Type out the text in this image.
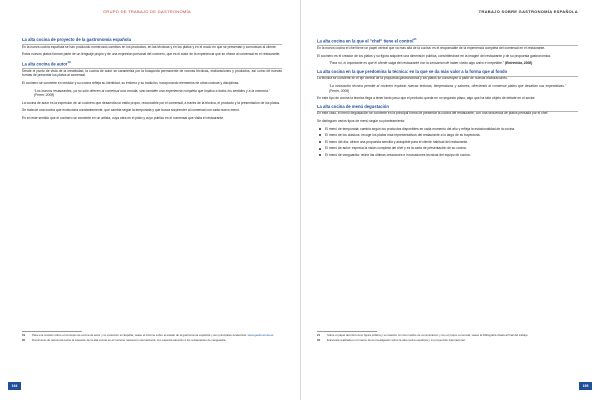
GRUPO DE TRABAJO DE GASTRONOMÍA
La alta cocina de proyecto de la gastronomía española

En la nueva cocina española se han producido numerosos cambios en los productos, en las técnicas y en los platos y en el modo en que se presentan y comunican al cliente.

Estos nuevos platos forman parte de un lenguaje propio y de una expresión personal del cocinero, que es el autor de la experiencia que se ofrece al comensal en el restaurante.

La alta cocina de autor$^{19}$

Desde el punto de vista de la creatividad, la cocina de autor se caracteriza por la búsqueda permanente de nuevas técnicas, elaboraciones y productos, así como de nuevas formas de presentar los platos al comensal.

El cocinero se convierte en creador y su cocina refleja su identidad, su entorno y su tradición, incorporando elementos de otras cocinas y disciplinas.

"Los nuevos restaurantes, ya no sólo ofrecen al comensal una comida, sino también una experiencia completa que implica a todos los sentidos y a la memoria." (Ferrer, 2008)

La cocina de autor es la expresión de un cocinero que desarrolla un estilo propio, reconocible por el comensal, a través de la técnica, el producto y la presentación de los platos.

Se trata de una cocina que evoluciona constantemente, que cambia según la temporada y que busca sorprender al comensal con cada nuevo menú.

Es en este sentido que el cocinero se convierte en un artista, cuya obra es el plato y cuyo público es el comensal que visita el restaurante.

19	Para una revisión sobre el concepto de cocina de autor y su evolución en España, véase el informe sobre el estado de la gastronomía española y sus principales tendencias. www.gastronomia.es
20	Documento de referencia sobre la situación de la alta cocina en el contexto nacional e internacional, con especial atención a los restaurantes de vanguardia.
194
TRABAJO SOBRE GASTRONOMÍA ESPAÑOLA
La alta cocina en la que el "chef" tiene el control$^{21}$

En la nueva cocina el chef tiene un papel central que va más allá de la cocina: es el responsable de la experiencia completa del comensal en el restaurante.

El cocinero es el creador de los platos y su figura adquiere una dimensión pública, convirtiéndose en la imagen del restaurante y de su propuesta gastronómica.

"Para mí, lo importante es que el cliente salga del restaurante con la sensación de haber vivido algo único e irrepetible." (Entrevista, 2008)
La alta cocina en la que predomina la técnica: en la que se da más valor a la forma que al fondo

La técnica se convierte en el eje central de la propuesta gastronómica y los platos se construyen a partir de nuevas elaboraciones.

"La innovación técnica permite al cocinero explorar nuevas texturas, temperaturas y sabores, ofreciendo al comensal platos que desafían sus expectativas." (Ferrer, 2008)

En este tipo de cocina la técnica llega a tener tanto peso que el producto queda en un segundo plano, algo que ha sido objeto de debate en el sector.

La alta cocina de menú degustación

En este caso, el menú degustación se convierte en la principal forma de presentar la cocina del restaurante, con una secuencia de platos pensada por el chef.

Se distinguen varios tipos de menú según su planteamiento:

El menú de temporada: cambia según los productos disponibles en cada momento del año y refleja la estacionalidad de la cocina.
El menú de los clásicos: recoge los platos más representativos del restaurante a lo largo de su trayectoria.
El menú del día: ofrece una propuesta sencilla y asequible para el cliente habitual del restaurante.
El menú de autor: expresa la visión completa del chef y es la carta de presentación de su cocina.
El menú de vanguardia: reúne las últimas creaciones e innovaciones técnicas del equipo de cocina.
21	Sobre el papel del chef como figura pública y su relación con los medios de comunicación y con el propio comensal, véase la bibliografía citada al final del trabajo.
22	Entrevista realizada en el marco de la investigación sobre la alta cocina española y su proyección internacional.
195
